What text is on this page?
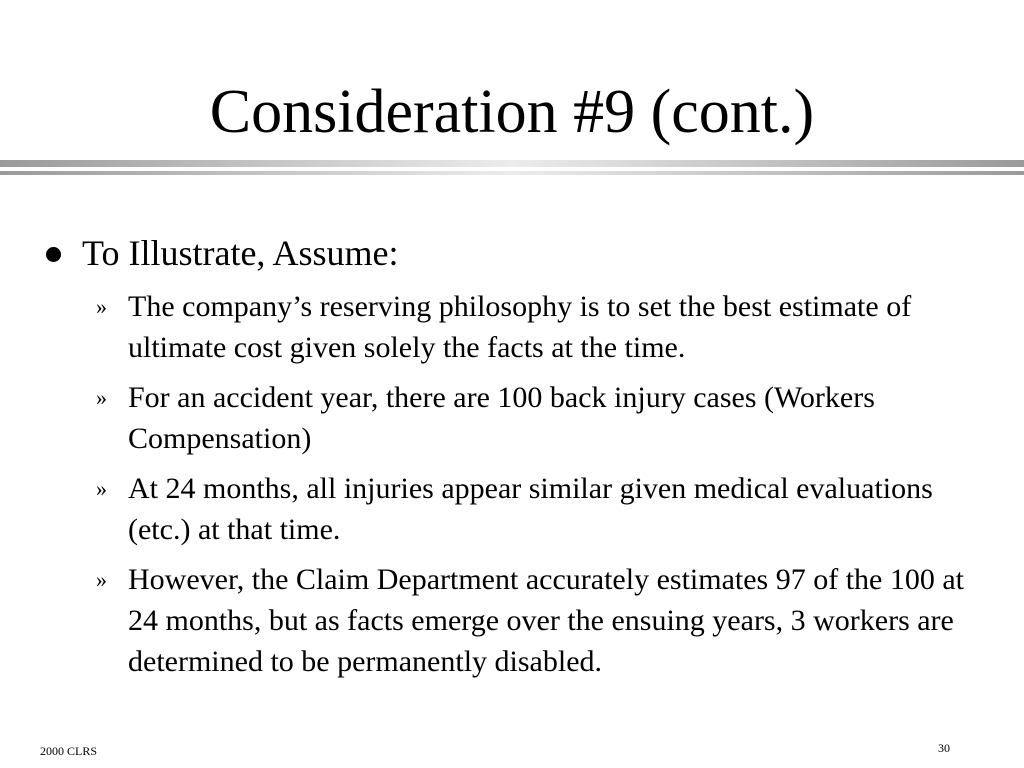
Consideration #9 (cont.)
To Illustrate, Assume:
» The company’s reserving philosophy is to set the best estimate of ultimate cost given solely the facts at the time.
» For an accident year, there are 100 back injury cases (Workers Compensation)
» At 24 months, all injuries appear similar given medical evaluations (etc.) at that time.
» However, the Claim Department accurately estimates 97 of the 100 at 24 months, but as facts emerge over the ensuing years, 3 workers are determined to be permanently disabled.
2000 CLRS	30
